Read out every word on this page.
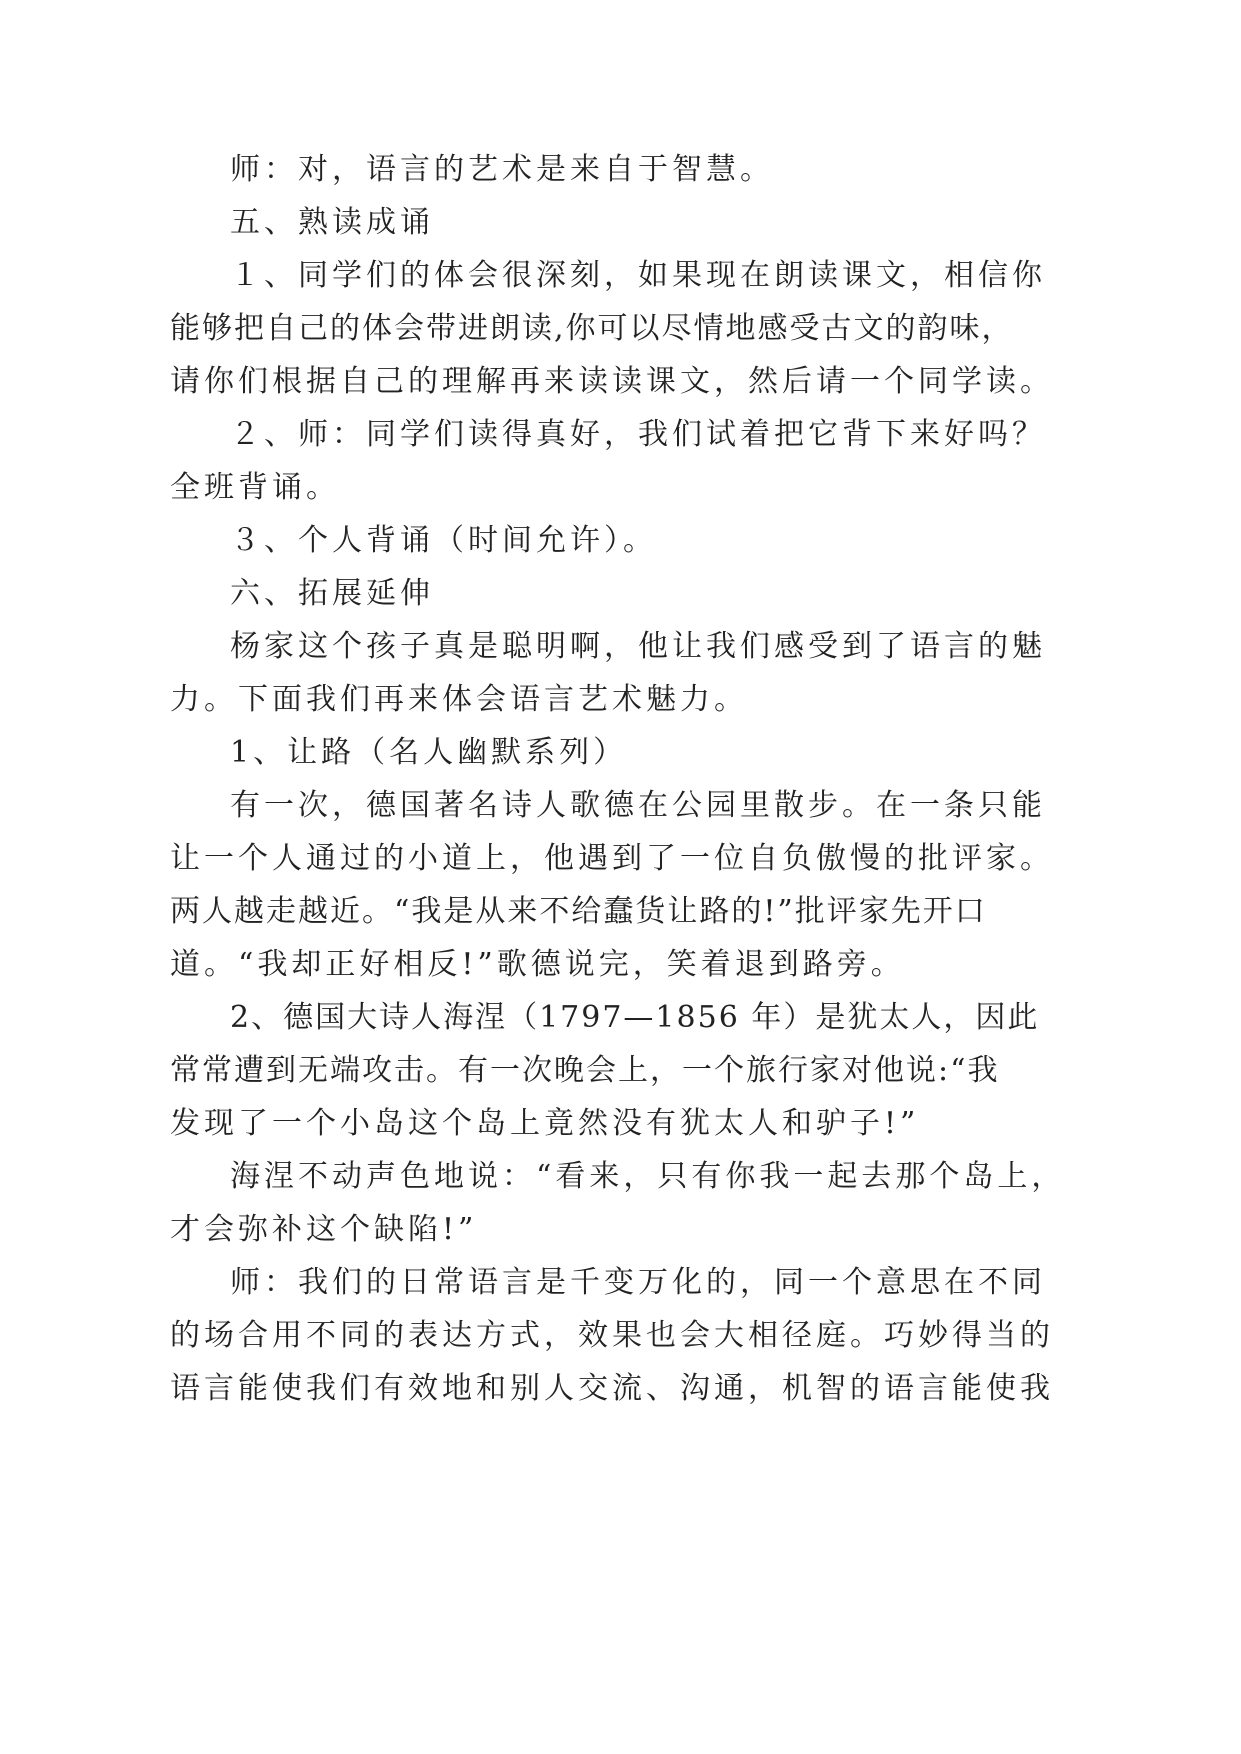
师：对，语言的艺术是来自于智慧。

五、熟读成诵

１、同学们的体会很深刻，如果现在朗读课文，相信你

能够把自己的体会带进朗读,你可以尽情地感受古文的韵味，

请你们根据自己的理解再来读读课文，然后请一个同学读。

２、师：同学们读得真好，我们试着把它背下来好吗？

全班背诵。

３、个人背诵（时间允许）。

六、拓展延伸

杨家这个孩子真是聪明啊，他让我们感受到了语言的魅

力。下面我们再来体会语言艺术魅力。

1、让路（名人幽默系列）

有一次，德国著名诗人歌德在公园里散步。在一条只能

让一个人通过的小道上，他遇到了一位自负傲慢的批评家。

两人越走越近。“我是从来不给蠢货让路的!”批评家先开口

道。“我却正好相反!”歌德说完，笑着退到路旁。

2、德国大诗人海涅（1797—1856 年）是犹太人，因此

常常遭到无端攻击。有一次晚会上，一个旅行家对他说:“我

发现了一个小岛这个岛上竟然没有犹太人和驴子!”

海涅不动声色地说：“看来，只有你我一起去那个岛上，

才会弥补这个缺陷!”

师：我们的日常语言是千变万化的，同一个意思在不同

的场合用不同的表达方式，效果也会大相径庭。巧妙得当的

语言能使我们有效地和别人交流、沟通，机智的语言能使我
